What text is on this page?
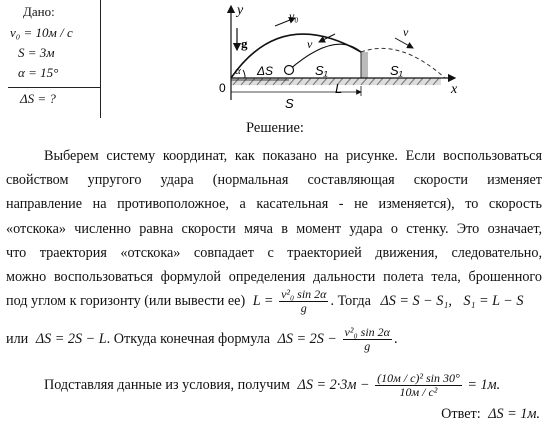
Дано:
v₀ = 10м / с
S = 3м
α = 15°
ΔS = ?
y
x
0
g
v₀
v
v
α ΔS	S₁	S₁
L
S
Решение:
Выберем систему координат, как показано на рисунке. Если воспользоваться
свойством упругого удара (нормальная составляющая скорости изменяет
направление на противоположное, а касательная - не изменяется), то скорость
«отскока» численно равна скорости мяча в момент удара о стенку. Это означает,
что траектория «отскока» совпадает с траекторией движения, следовательно,
можно воспользоваться формулой определения дальности полета тела, брошенного
под углом к горизонту (или вывести ее) $L = \frac{\text{v²₀ sin 2α}}{g}$ . Тогда ΔS = S − S₁, S₁ = L − S
или ΔS = 2S − L. Откуда конечная формула $\Delta S = 2S - \frac{\text{v²₀ sin 2α}}{g}$ .
Подставляя данные из условия, получим $\Delta S = 2\cdot 3м - \frac{\text{(10м / с)² sin 30°}}{\text{10м / с²}} = 1м$.
Ответ: ΔS = 1м.
